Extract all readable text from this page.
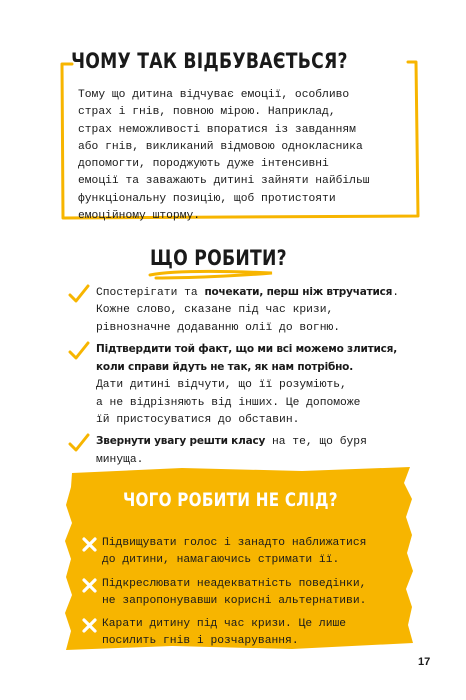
ЧОМУ ТАК ВІДБУВАЄТЬСЯ?

Тому що дитина відчуває емоції, особливо
страх і гнів, повною мірою. Наприклад,
страх неможливості впоратися із завданням
або гнів, викликаний відмовою однокласника
допомогти, породжують дуже інтенсивні
емоції та заважають дитині зайняти найбільш
функціональну позицію, щоб протистояти
емоційному шторму.

ЩО РОБИТИ?
Спостерігати та почекати, перш ніж втручатися.
Кожне слово, сказане під час кризи,
рівнозначне додаванню олії до вогню.
Підтвердити той факт, що ми всі можемо злитися,
коли справи йдуть не так, як нам потрібно.
Дати дитині відчути, що її розуміють,
а не відрізняють від інших. Це допоможе
їй пристосуватися до обставин.
Звернути увагу решти класу на те, що буря
минуща.
ЧОГО РОБИТИ НЕ СЛІД?
Підвищувати голос і занадто наближатися
до дитини, намагаючись стримати її.
Підкреслювати неадекватність поведінки,
не запропонувавши корисні альтернативи.
Карати дитину під час кризи. Це лише
посилить гнів і розчарування.

17
